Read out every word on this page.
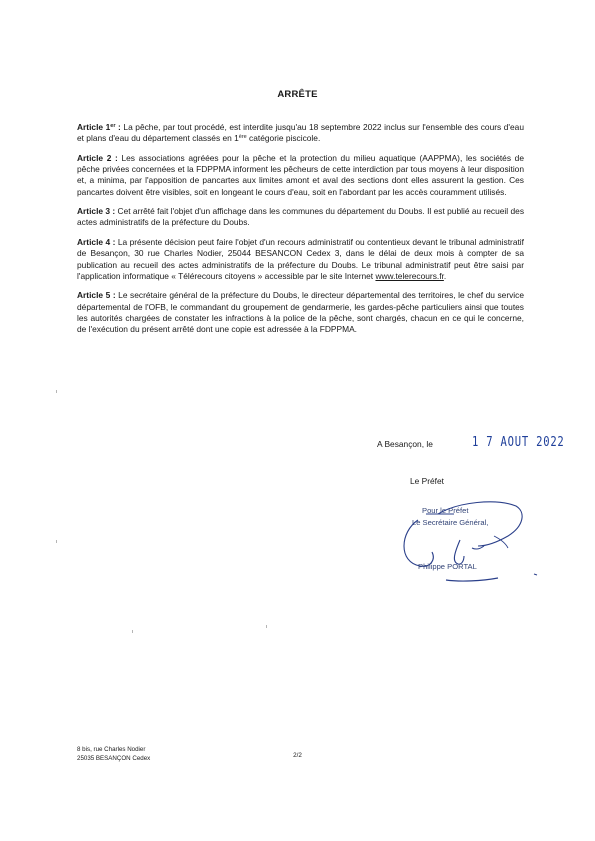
ARRÊTE

Article 1er : La pêche, par tout procédé, est interdite jusqu'au 18 septembre 2022 inclus sur l'ensemble des cours d'eau et plans d'eau du département classés en 1ère catégorie piscicole.

Article 2 : Les associations agréées pour la pêche et la protection du milieu aquatique (AAPPMA), les sociétés de pêche privées concernées et la FDPPMA informent les pêcheurs de cette interdiction par tous moyens à leur disposition et, a minima, par l'apposition de pancartes aux limites amont et aval des sections dont elles assurent la gestion. Ces pancartes doivent être visibles, soit en longeant le cours d'eau, soit en l'abordant par les accès couramment utilisés.

Article 3 : Cet arrêté fait l'objet d'un affichage dans les communes du département du Doubs. Il est publié au recueil des actes administratifs de la préfecture du Doubs.

Article 4 : La présente décision peut faire l'objet d'un recours administratif ou contentieux devant le tribunal administratif de Besançon, 30 rue Charles Nodier, 25044 BESANCON Cedex 3, dans le délai de deux mois à compter de sa publication au recueil des actes administratifs de la préfecture du Doubs. Le tribunal administratif peut être saisi par l'application informatique « Télérecours citoyens » accessible par le site Internet www.telerecours.fr.

Article 5 : Le secrétaire général de la préfecture du Doubs, le directeur départemental des territoires, le chef du service départemental de l'OFB, le commandant du groupement de gendarmerie, les gardes-pêche particuliers ainsi que toutes les autorités chargées de constater les infractions à la police de la pêche, sont chargés, chacun en ce qui le concerne, de l'exécution du présent arrêté dont une copie est adressée à la FDPPMA.

A Besançon, le	1 7 AOUT 2022
Le Préfet
Pour le Préfet
Le Secrétaire Général,
Philippe PORTAL
8 bis, rue Charles Nodier
25035 BESANÇON Cedex	2/2
